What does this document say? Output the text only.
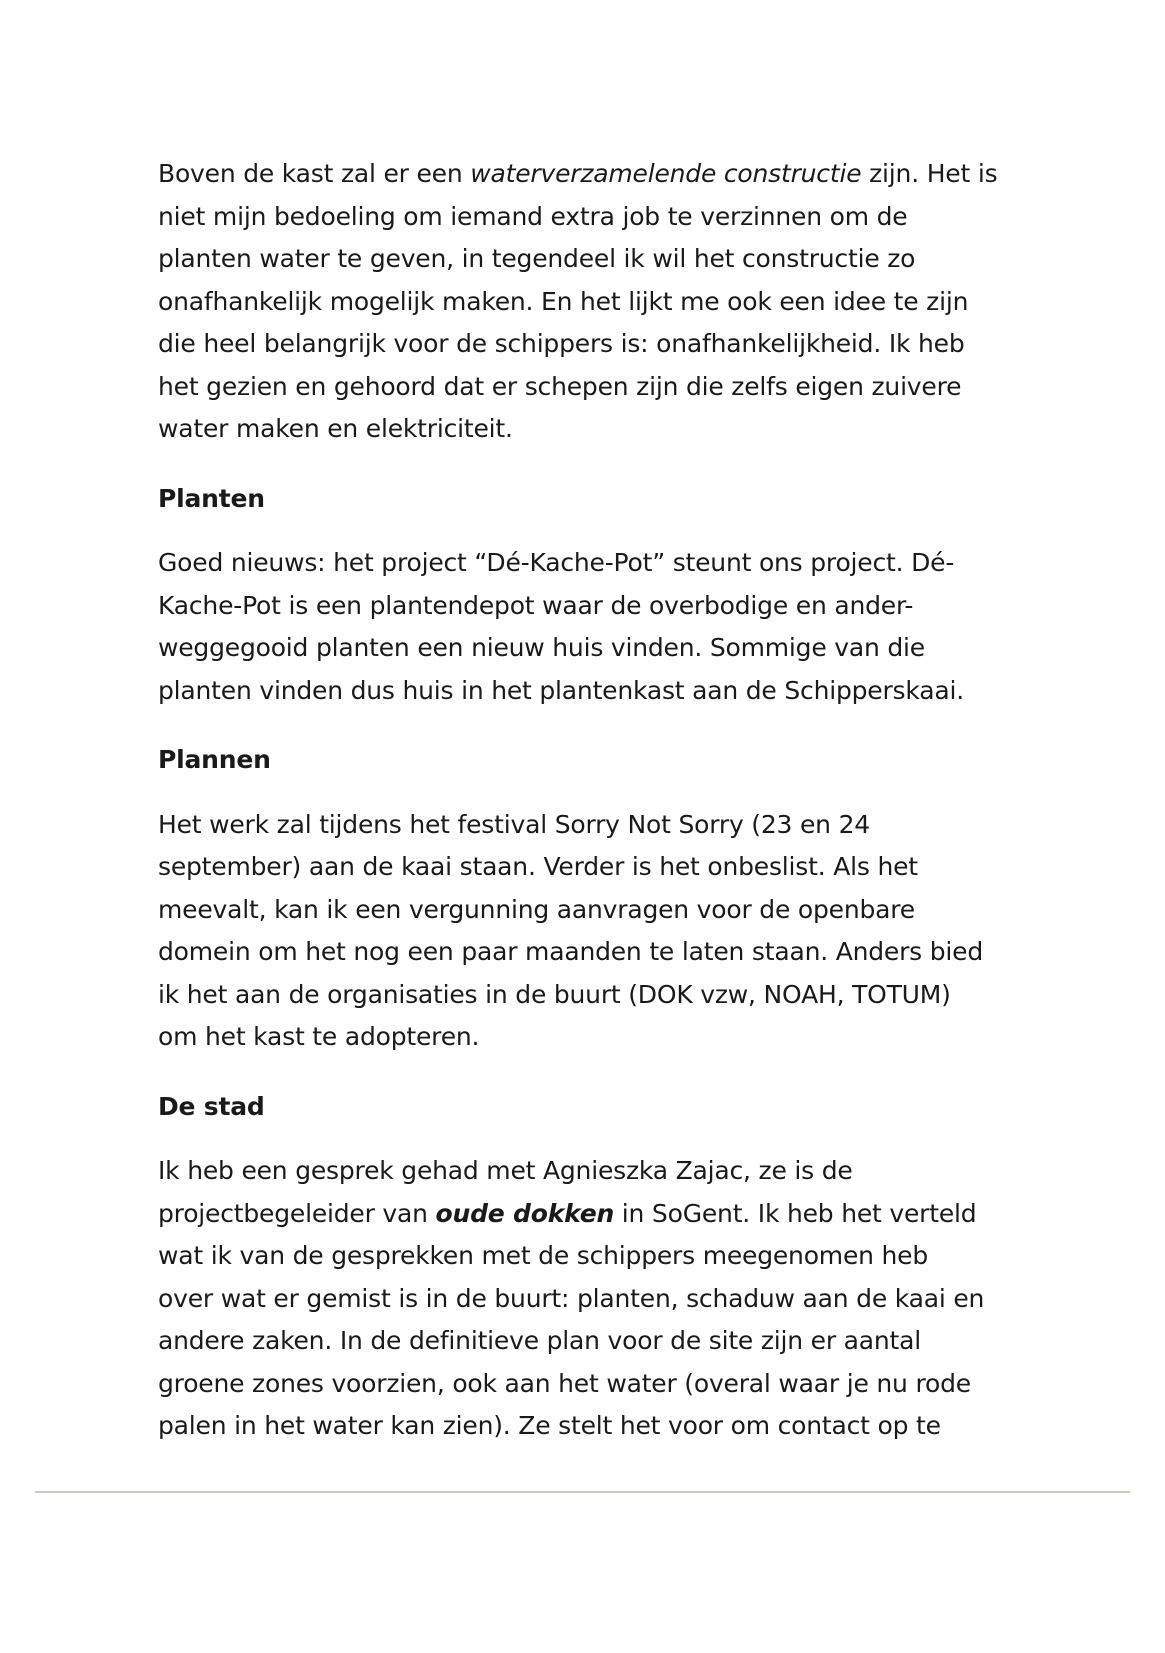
Boven de kast zal er een waterverzamelende constructie zijn. Het is
niet mijn bedoeling om iemand extra job te verzinnen om de
planten water te geven, in tegendeel ik wil het constructie zo
onafhankelijk mogelijk maken. En het lijkt me ook een idee te zijn
die heel belangrijk voor de schippers is: onafhankelijkheid. Ik heb
het gezien en gehoord dat er schepen zijn die zelfs eigen zuivere
water maken en elektriciteit.

Planten

Goed nieuws: het project “Dé-Kache-Pot” steunt ons project. Dé-
Kache-Pot is een plantendepot waar de overbodige en ander-
weggegooid planten een nieuw huis vinden. Sommige van die
planten vinden dus huis in het plantenkast aan de Schipperskaai.

Plannen

Het werk zal tijdens het festival Sorry Not Sorry (23 en 24
september) aan de kaai staan. Verder is het onbeslist. Als het
meevalt, kan ik een vergunning aanvragen voor de openbare
domein om het nog een paar maanden te laten staan. Anders bied
ik het aan de organisaties in de buurt (DOK vzw, NOAH, TOTUM)
om het kast te adopteren.

De stad

Ik heb een gesprek gehad met Agnieszka Zajac, ze is de
projectbegeleider van oude dokken in SoGent. Ik heb het verteld
wat ik van de gesprekken met de schippers meegenomen heb
over wat er gemist is in de buurt: planten, schaduw aan de kaai en
andere zaken. In de definitieve plan voor de site zijn er aantal
groene zones voorzien, ook aan het water (overal waar je nu rode
palen in het water kan zien). Ze stelt het voor om contact op te
